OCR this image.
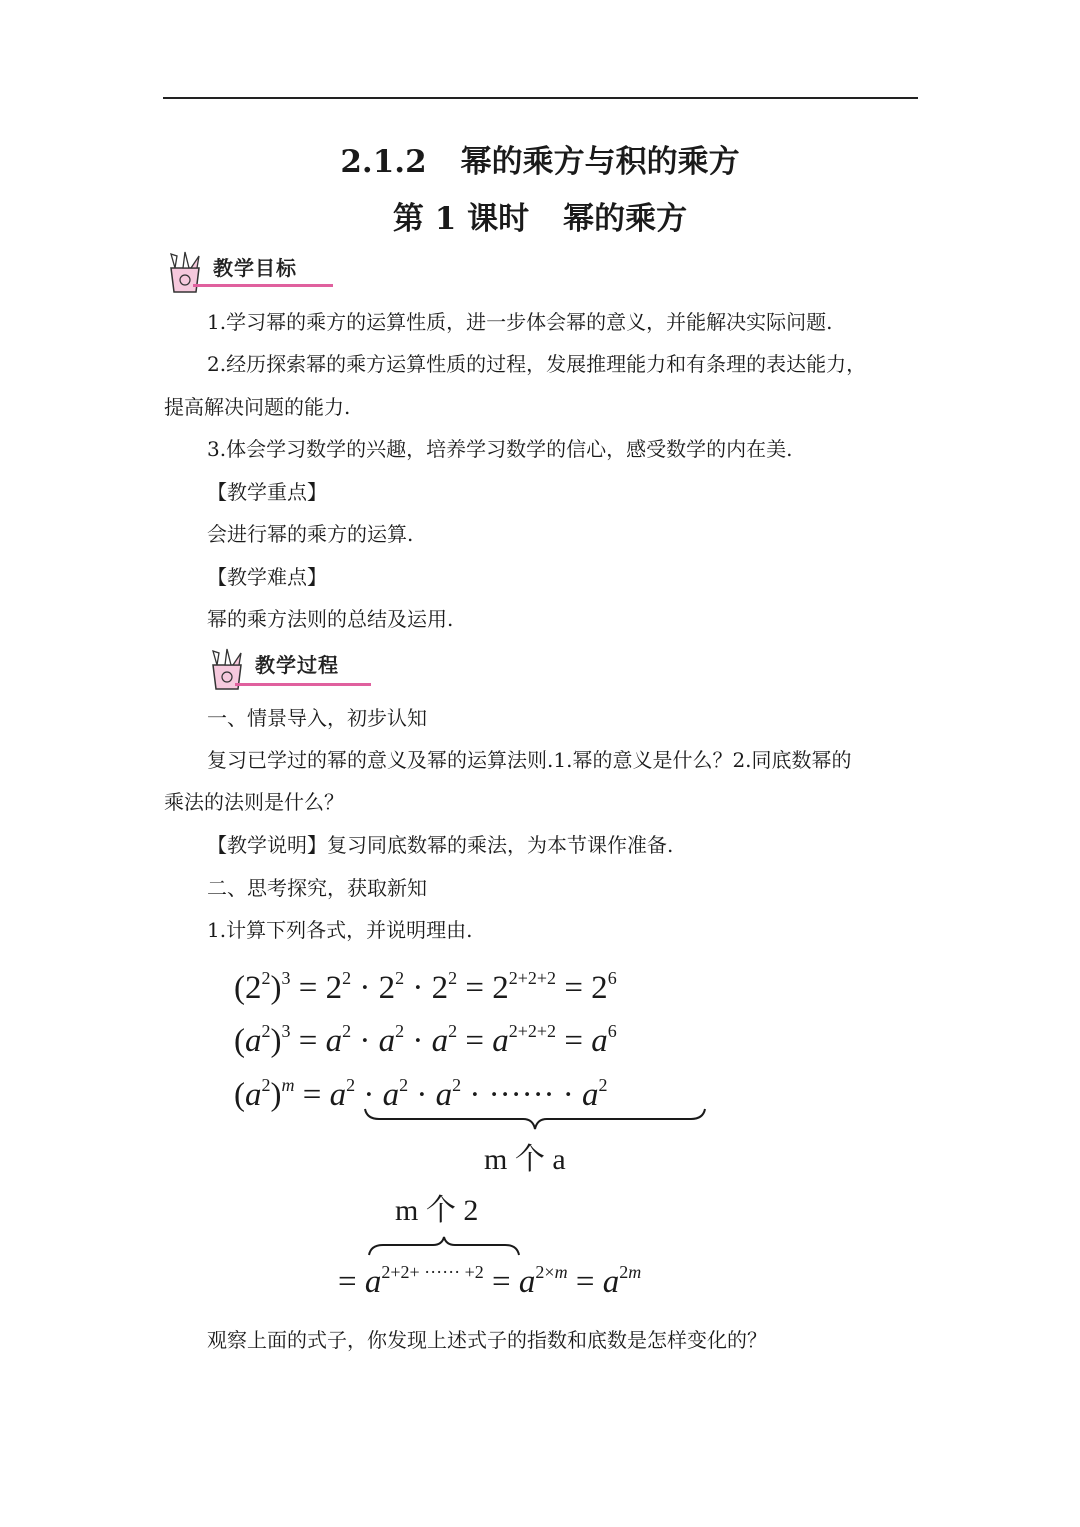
2.1.2 幂的乘方与积的乘方
第 1 课时 幂的乘方
教学目标
1.学习幂的乘方的运算性质，进一步体会幂的意义，并能解决实际问题.
2.经历探索幂的乘方运算性质的过程，发展推理能力和有条理的表达能力，
提高解决问题的能力.
3.体会学习数学的兴趣，培养学习数学的信心，感受数学的内在美.
【教学重点】
会进行幂的乘方的运算.
【教学难点】
幂的乘方法则的总结及运用.
教学过程
一、情景导入，初步认知
复习已学过的幂的意义及幂的运算法则.1.幂的意义是什么？2.同底数幂的
乘法的法则是什么？
【教学说明】复习同底数幂的乘法，为本节课作准备.
二、思考探究，获取新知
1.计算下列各式，并说明理由.
$(2^2)^3 = 2^2 \cdot 2^2 \cdot 2^2 = 2^{2+2+2} = 2^6$
$(a^2)^3 = a^2 \cdot a^2 \cdot a^2 = a^{2+2+2} = a^6$
$(a^2)^m = a^2 \cdot a^2 \cdot a^2$ · ······ · $a^2$
m 个 a
m 个 2
= $a^{2+2+ \cdot\cdot\cdot\cdot\cdot\cdot +2} = a^{2\times m} = a^{2m}$
观察上面的式子，你发现上述式子的指数和底数是怎样变化的？
